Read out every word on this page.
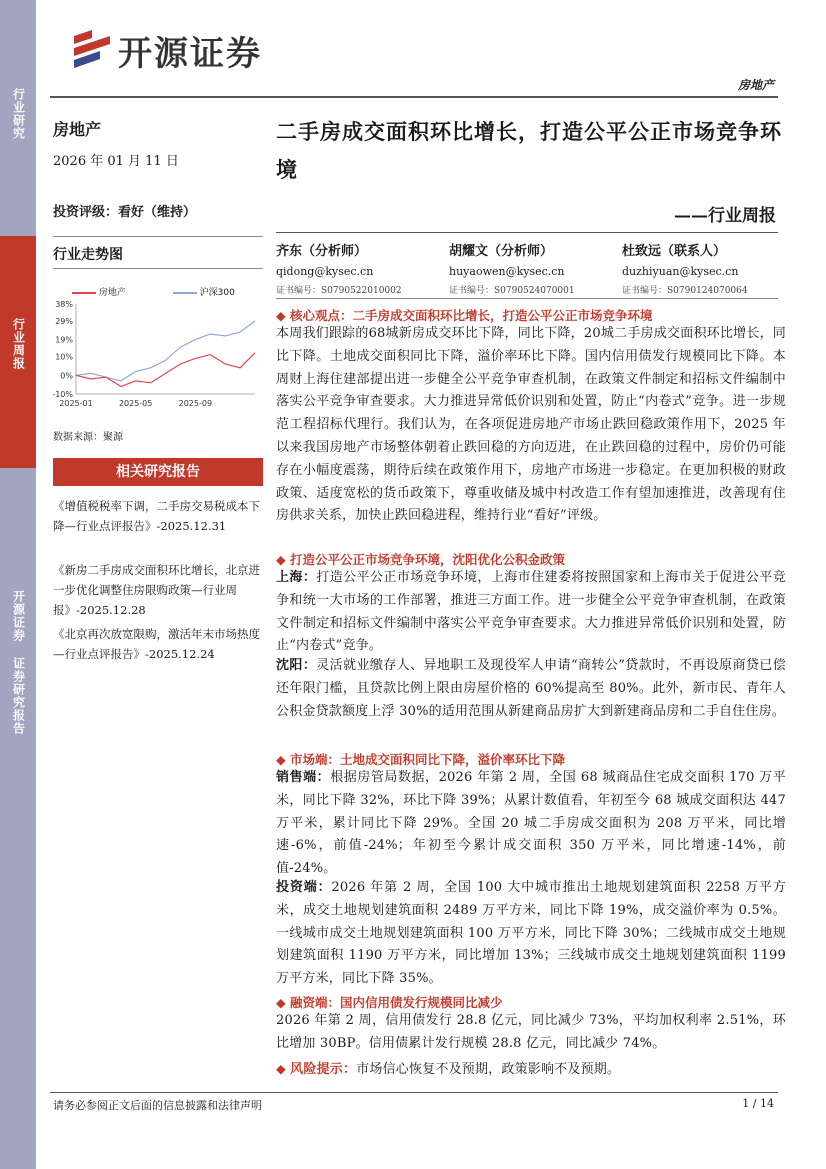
行业研究
行业周报
开源证券 证券研究报告
开源证券
房地产
房地产
2026 年 01 月 11 日
投资评级：看好（维持）
行业走势图
房地产	沪深300
38%
29%
19%
10%
0%
-10%
2025-01	2025-05	2025-09
数据来源：聚源
相关研究报告
《增值税税率下调，二手房交易税成本下降—行业点评报告》-2025.12.31
《新房二手房成交面积环比增长，北京进一步优化调整住房限购政策—行业周报》-2025.12.28
《北京再次放宽限购，激活年末市场热度—行业点评报告》-2025.12.24
二手房成交面积环比增长，打造公平公正市场竞争环境
——行业周报
齐东（分析师）
qidong@kysec.cn
证书编号：S0790522010002
胡耀文（分析师）
huyaowen@kysec.cn
证书编号：S0790524070001
杜致远（联系人）
duzhiyuan@kysec.cn
证书编号：S0790124070064
◆ 核心观点：二手房成交面积环比增长，打造公平公正市场竞争环境
本周我们跟踪的68城新房成交环比下降，同比下降，20城二手房成交面积环比增长，同比下降。土地成交面积同比下降，溢价率环比下降。国内信用债发行规模同比下降。本周财上海住建部提出进一步健全公平竞争审查机制，在政策文件制定和招标文件编制中落实公平竞争审查要求。大力推进异常低价识别和处置，防止“内卷式”竞争。进一步规范工程招标代理行。我们认为，在各项促进房地产市场止跌回稳政策作用下，2025 年以来我国房地产市场整体朝着止跌回稳的方向迈进，在止跌回稳的过程中，房价仍可能存在小幅度震荡，期待后续在政策作用下，房地产市场进一步稳定。在更加积极的财政政策、适度宽松的货币政策下，尊重收储及城中村改造工作有望加速推进，改善现有住房供求关系，加快止跌回稳进程，维持行业“看好”评级。
◆ 打造公平公正市场竞争环境，沈阳优化公积金政策
上海：打造公平公正市场竞争环境，上海市住建委将按照国家和上海市关于促进公平竞争和统一大市场的工作部署，推进三方面工作。进一步健全公平竞争审查机制，在政策文件制定和招标文件编制中落实公平竞争审查要求。大力推进异常低价识别和处置，防止“内卷式”竞争。
沈阳：灵活就业缴存人、异地职工及现役军人申请“商转公”贷款时，不再设原商贷已偿还年限门槛，且贷款比例上限由房屋价格的 60%提高至 80%。此外，新市民、青年人公积金贷款额度上浮 30%的适用范围从新建商品房扩大到新建商品房和二手自住住房。
◆ 市场端：土地成交面积同比下降，溢价率环比下降
销售端：根据房管局数据，2026 年第 2 周，全国 68 城商品住宅成交面积 170 万平米，同比下降 32%，环比下降 39%；从累计数值看，年初至今 68 城成交面积达 447 万平米，累计同比下降 29%。全国 20 城二手房成交面积为 208 万平米，同比增速-6%，前值-24%；年初至今累计成交面积 350 万平米，同比增速-14%，前值-24%。
投资端：2026 年第 2 周，全国 100 大中城市推出土地规划建筑面积 2258 万平方米，成交土地规划建筑面积 2489 万平方米，同比下降 19%，成交溢价率为 0.5%。一线城市成交土地规划建筑面积 100 万平方米，同比下降 30%；二线城市成交土地规划建筑面积 1190 万平方米，同比增加 13%；三线城市成交土地规划建筑面积 1199 万平方米，同比下降 35%。
◆ 融资端：国内信用债发行规模同比减少
2026 年第 2 周，信用债发行 28.8 亿元，同比减少 73%，平均加权利率 2.51%，环比增加 30BP。信用债累计发行规模 28.8 亿元，同比减少 74%。
◆ 风险提示：市场信心恢复不及预期，政策影响不及预期。
请务必参阅正文后面的信息披露和法律声明	1 / 14
